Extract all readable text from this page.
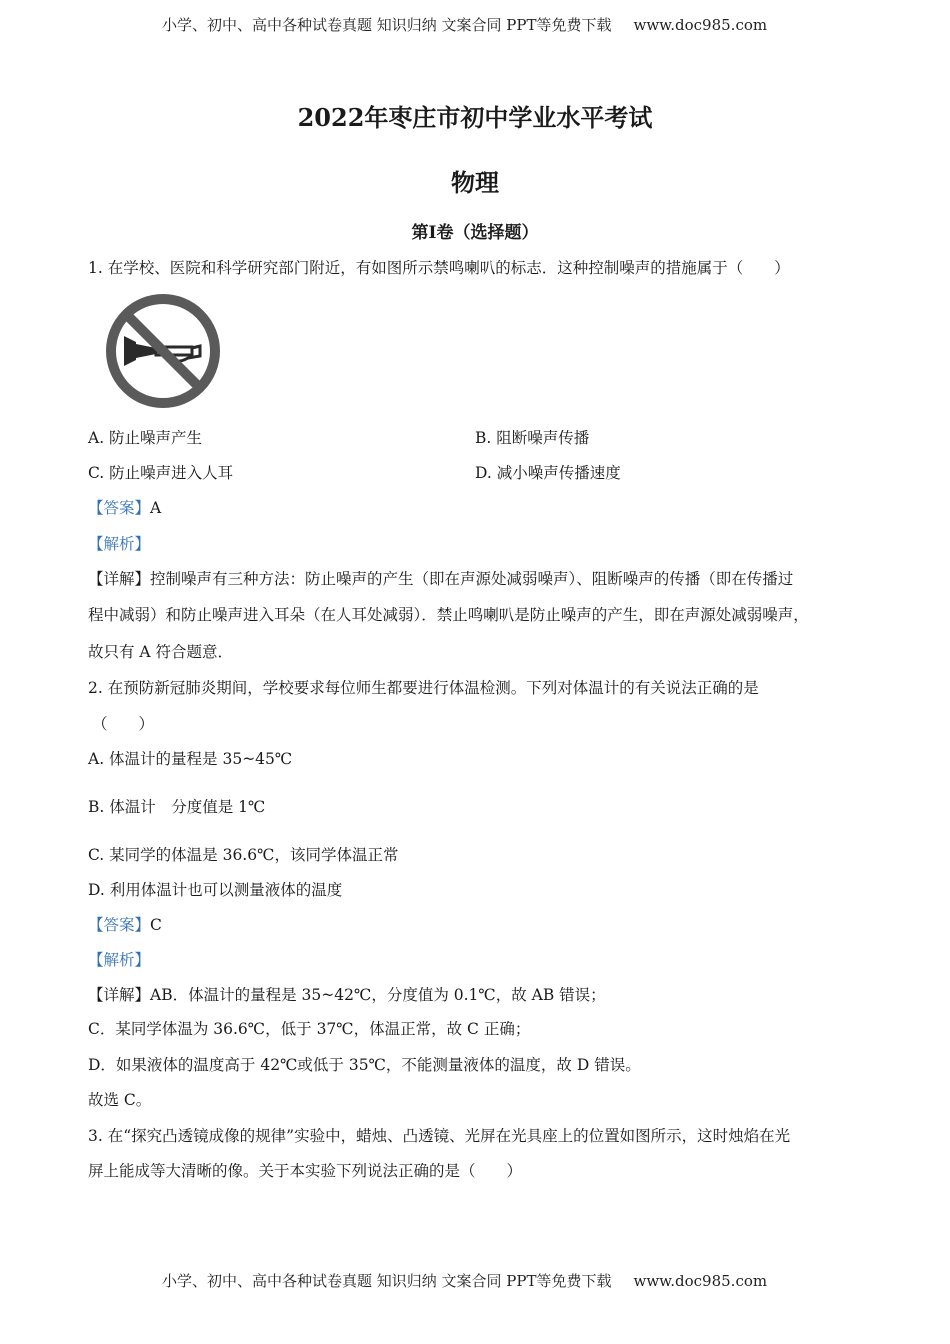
小学、初中、高中各种试卷真题 知识归纳 文案合同 PPT等免费下载 www.doc985.com
2022年枣庄市初中学业水平考试
物理
第I卷（选择题）
1. 在学校、医院和科学研究部门附近，有如图所示禁鸣喇叭的标志．这种控制噪声的措施属于（　　）
A. 防止噪声产生	B. 阻断噪声传播
C. 防止噪声进入人耳	D. 减小噪声传播速度
【答案】A
【解析】
【详解】控制噪声有三种方法：防止噪声的产生（即在声源处减弱噪声）、阻断噪声的传播（即在传播过
程中减弱）和防止噪声进入耳朵（在人耳处减弱）．禁止鸣喇叭是防止噪声的产生，即在声源处减弱噪声，
故只有 A 符合题意．
2. 在预防新冠肺炎期间，学校要求每位师生都要进行体温检测。下列对体温计的有关说法正确的是
（　　）
A. 体温计的量程是 35~45℃
B. 体温计　分度值是 1℃
C. 某同学的体温是 36.6℃，该同学体温正常
D. 利用体温计也可以测量液体的温度
【答案】C
【解析】
【详解】AB．体温计的量程是 35~42℃，分度值为 0.1℃，故 AB 错误；
C．某同学体温为 36.6℃，低于 37℃，体温正常，故 C 正确；
D．如果液体的温度高于 42℃或低于 35℃，不能测量液体的温度，故 D 错误。
故选 C。
3. 在“探究凸透镜成像的规律”实验中，蜡烛、凸透镜、光屏在光具座上的位置如图所示，这时烛焰在光
屏上能成等大清晰的像。关于本实验下列说法正确的是（　　）
小学、初中、高中各种试卷真题 知识归纳 文案合同 PPT等免费下载 www.doc985.com
